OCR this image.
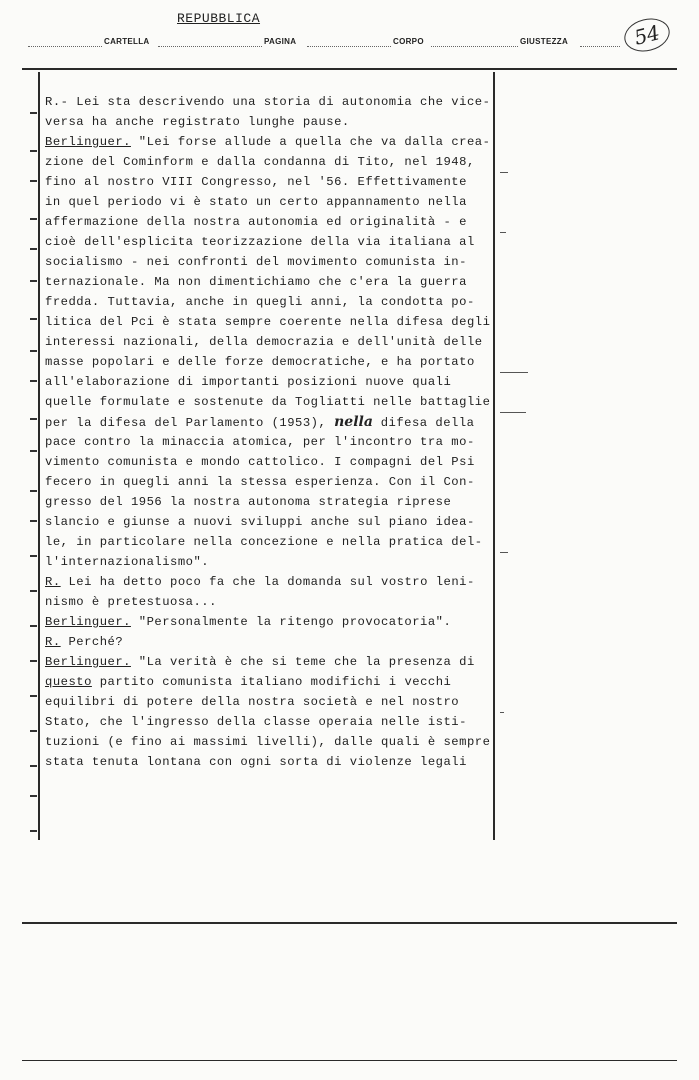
REPUBBLICA
CARTELLA	PAGINA	CORPO	GIUSTEZZA	54
R.- Lei sta descrivendo una storia di autonomia che vice-
versa ha anche registrato lunghe pause.
Berlinguer. "Lei forse allude a quella che va dalla crea-
zione del Cominform e dalla condanna di Tito, nel 1948,
fino al nostro VIII Congresso, nel '56. Effettivamente
in quel periodo vi è stato un certo appannamento nella
affermazione della nostra autonomia ed originalità - e
cioè dell'esplicita teorizzazione della via italiana al
socialismo - nei confronti del movimento comunista in-
ternazionale. Ma non dimentichiamo che c'era la guerra
fredda. Tuttavia, anche in quegli anni, la condotta po-
litica del Pci è stata sempre coerente nella difesa degli
interessi nazionali, della democrazia e dell'unità delle
masse popolari e delle forze democratiche, e ha portato
all'elaborazione di importanti posizioni nuove quali
quelle formulate e sostenute da Togliatti nelle battaglie
per la difesa del Parlamento (1953), nella difesa della
pace contro la minaccia atomica, per l'incontro tra mo-
vimento comunista e mondo cattolico. I compagni del Psi
fecero in quegli anni la stessa esperienza. Con il Con-
gresso del 1956 la nostra autonoma strategia riprese
slancio e giunse a nuovi sviluppi anche sul piano idea-
le, in particolare nella concezione e nella pratica del-
l'internazionalismo".
R. Lei ha detto poco fa che la domanda sul vostro leni-
nismo è pretestuosa...
Berlinguer. "Personalmente la ritengo provocatoria".
R. Perché?
Berlinguer. "La verità è che si teme che la presenza di
questo partito comunista italiano modifichi i vecchi
equilibri di potere della nostra società e nel nostro
Stato, che l'ingresso della classe operaia nelle isti-
tuzioni (e fino ai massimi livelli), dalle quali è sempre
stata tenuta lontana con ogni sorta di violenze legali
